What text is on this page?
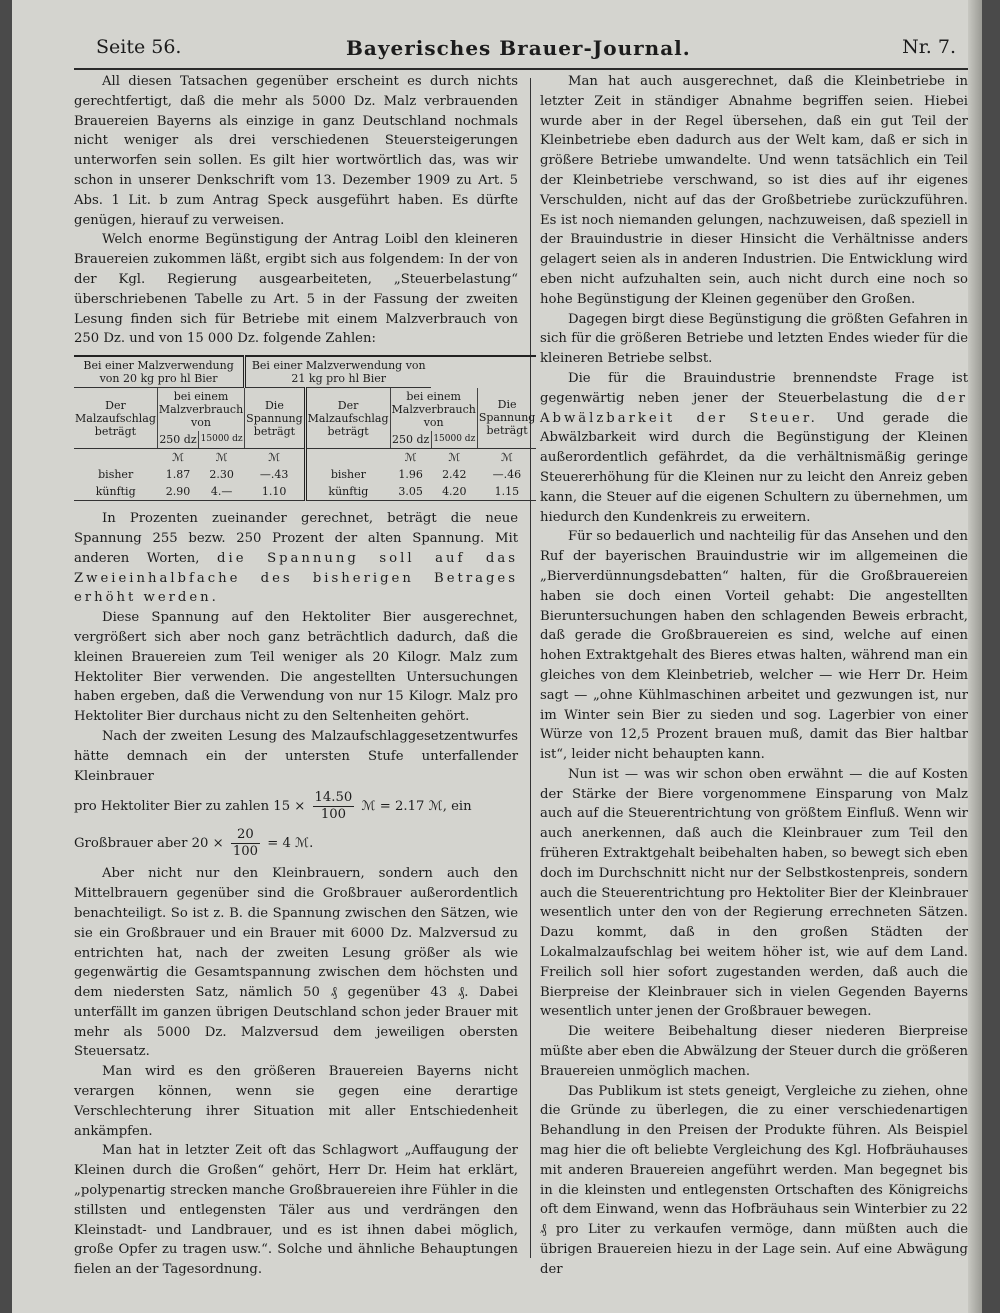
Seite 56.	Bayerisches Brauer-Journal.	Nr. 7.

All diesen Tatsachen gegenüber erscheint es durch nichts gerechtfertigt, daß die mehr als 5000 Dz. Malz verbrauenden Brauereien Bayerns als einzige in ganz Deutschland nochmals nicht weniger als drei verschiedenen Steuersteigerungen unterworfen sein sollen. Es gilt hier wortwörtlich das, was wir schon in unserer Denkschrift vom 13. Dezember 1909 zu Art. 5 Abs. 1 Lit. b zum Antrag Speck ausgeführt haben. Es dürfte genügen, hierauf zu verweisen.

Welch enorme Begünstigung der Antrag Loibl den kleineren Brauereien zukommen läßt, ergibt sich aus folgendem: In der von der Kgl. Regierung ausgearbeiteten, „Steuerbelastung“ überschriebenen Tabelle zu Art. 5 in der Fassung der zweiten Lesung finden sich für Betriebe mit einem Malzverbrauch von 250 Dz. und von 15 000 Dz. folgende Zahlen:

Bei einer Malzverwendung von 20 kg pro hl Bier			Bei einer Malzverwendung von 21 kg pro hl Bier				
Der Malzaufschlag beträgt	bei einem Malzverbrauch von		Die Spannung beträgt	Der Malzaufschlag beträgt	bei einem Malzverbrauch von		Die Spannung beträgt
	250 dz	15000 dz			250 dz	15000 dz	
	ℳ	ℳ	ℳ		ℳ	ℳ	ℳ
bisher	1.87	2.30	—.43	bisher	1.96	2.42	—.46
künftig	2.90	4.—	1.10	künftig	3.05	4.20	1.15

In Prozenten zueinander gerechnet, beträgt die neue Spannung 255 bezw. 250 Prozent der alten Spannung. Mit anderen Worten, die Spannung soll auf das Zweieinhalbfache des bisherigen Betrages erhöht werden.

Diese Spannung auf den Hektoliter Bier ausgerechnet, vergrößert sich aber noch ganz beträchtlich dadurch, daß die kleinen Brauereien zum Teil weniger als 20 Kilogr. Malz zum Hektoliter Bier verwenden. Die angestellten Untersuchungen haben ergeben, daß die Verwendung von nur 15 Kilogr. Malz pro Hektoliter Bier durchaus nicht zu den Seltenheiten gehört.

Nach der zweiten Lesung des Malzaufschlaggesetzentwurfes hätte demnach ein der untersten Stufe unterfallender Kleinbrauer

pro Hektoliter Bier zu zahlen $15 \times \frac{14.50}{100}$ ℳ = 2.17 ℳ, ein
Großbrauer aber $20 \times \frac{20}{100} = 4$ ℳ.

Aber nicht nur den Kleinbrauern, sondern auch den Mittelbrauern gegenüber sind die Großbrauer außerordentlich benachteiligt. So ist z. B. die Spannung zwischen den Sätzen, wie sie ein Großbrauer und ein Brauer mit 6000 Dz. Malzversud zu entrichten hat, nach der zweiten Lesung größer als wie gegenwärtig die Gesamtspannung zwischen dem höchsten und dem niedersten Satz, nämlich 50 ₰ gegenüber 43 ₰. Dabei unterfällt im ganzen übrigen Deutschland schon jeder Brauer mit mehr als 5000 Dz. Malzversud dem jeweiligen obersten Steuersatz.

Man wird es den größeren Brauereien Bayerns nicht verargen können, wenn sie gegen eine derartige Verschlechterung ihrer Situation mit aller Entschiedenheit ankämpfen.

Man hat in letzter Zeit oft das Schlagwort „Auffaugung der Kleinen durch die Großen“ gehört, Herr Dr. Heim hat erklärt, „polypenartig strecken manche Großbrauereien ihre Fühler in die stillsten und entlegensten Täler aus und verdrängen den Kleinstadt- und Landbrauer, und es ist ihnen dabei möglich, große Opfer zu tragen usw.“. Solche und ähnliche Behauptungen fielen an der Tagesordnung.

Man hat auch ausgerechnet, daß die Kleinbetriebe in letzter Zeit in ständiger Abnahme begriffen seien. Hiebei wurde aber in der Regel übersehen, daß ein gut Teil der Kleinbetriebe eben dadurch aus der Welt kam, daß er sich in größere Betriebe umwandelte. Und wenn tatsächlich ein Teil der Kleinbetriebe verschwand, so ist dies auf ihr eigenes Verschulden, nicht auf das der Großbetriebe zurückzuführen. Es ist noch niemanden gelungen, nachzuweisen, daß speziell in der Brauindustrie in dieser Hinsicht die Verhältnisse anders gelagert seien als in anderen Industrien. Die Entwicklung wird eben nicht aufzuhalten sein, auch nicht durch eine noch so hohe Begünstigung der Kleinen gegenüber den Großen.

Dagegen birgt diese Begünstigung die größten Gefahren in sich für die größeren Betriebe und letzten Endes wieder für die kleineren Betriebe selbst.

Die für die Brauindustrie brennendste Frage ist gegenwärtig neben jener der Steuerbelastung die der Abwälzbarkeit der Steuer. Und gerade die Abwälzbarkeit wird durch die Begünstigung der Kleinen außerordentlich gefährdet, da die verhältnismäßig geringe Steuererhöhung für die Kleinen nur zu leicht den Anreiz geben kann, die Steuer auf die eigenen Schultern zu übernehmen, um hiedurch den Kundenkreis zu erweitern.

Für so bedauerlich und nachteilig für das Ansehen und den Ruf der bayerischen Brauindustrie wir im allgemeinen die „Bierverdünnungsdebatten“ halten, für die Großbrauereien haben sie doch einen Vorteil gehabt: Die angestellten Bieruntersuchungen haben den schlagenden Beweis erbracht, daß gerade die Großbrauereien es sind, welche auf einen hohen Extraktgehalt des Bieres etwas halten, während man ein gleiches von dem Kleinbetrieb, welcher — wie Herr Dr. Heim sagt — „ohne Kühlmaschinen arbeitet und gezwungen ist, nur im Winter sein Bier zu sieden und sog. Lagerbier von einer Würze von 12,5 Prozent brauen muß, damit das Bier haltbar ist“, leider nicht behaupten kann.

Nun ist — was wir schon oben erwähnt — die auf Kosten der Stärke der Biere vorgenommene Einsparung von Malz auch auf die Steuerentrichtung von größtem Einfluß. Wenn wir auch anerkennen, daß auch die Kleinbrauer zum Teil den früheren Extraktgehalt beibehalten haben, so bewegt sich eben doch im Durchschnitt nicht nur der Selbstkostenpreis, sondern auch die Steuerentrichtung pro Hektoliter Bier der Kleinbrauer wesentlich unter den von der Regierung errechneten Sätzen. Dazu kommt, daß in den großen Städten der Lokalmalzaufschlag bei weitem höher ist, wie auf dem Land. Freilich soll hier sofort zugestanden werden, daß auch die Bierpreise der Kleinbrauer sich in vielen Gegenden Bayerns wesentlich unter jenen der Großbrauer bewegen.

Die weitere Beibehaltung dieser niederen Bierpreise müßte aber eben die Abwälzung der Steuer durch die größeren Brauereien unmöglich machen.

Das Publikum ist stets geneigt, Vergleiche zu ziehen, ohne die Gründe zu überlegen, die zu einer verschiedenartigen Behandlung in den Preisen der Produkte führen. Als Beispiel mag hier die oft beliebte Vergleichung des Kgl. Hofbräuhauses mit anderen Brauereien angeführt werden. Man begegnet bis in die kleinsten und entlegensten Ortschaften des Königreichs oft dem Einwand, wenn das Hofbräuhaus sein Winterbier zu 22 ₰ pro Liter zu verkaufen vermöge, dann müßten auch die übrigen Brauereien hiezu in der Lage sein. Auf eine Abwägung der
